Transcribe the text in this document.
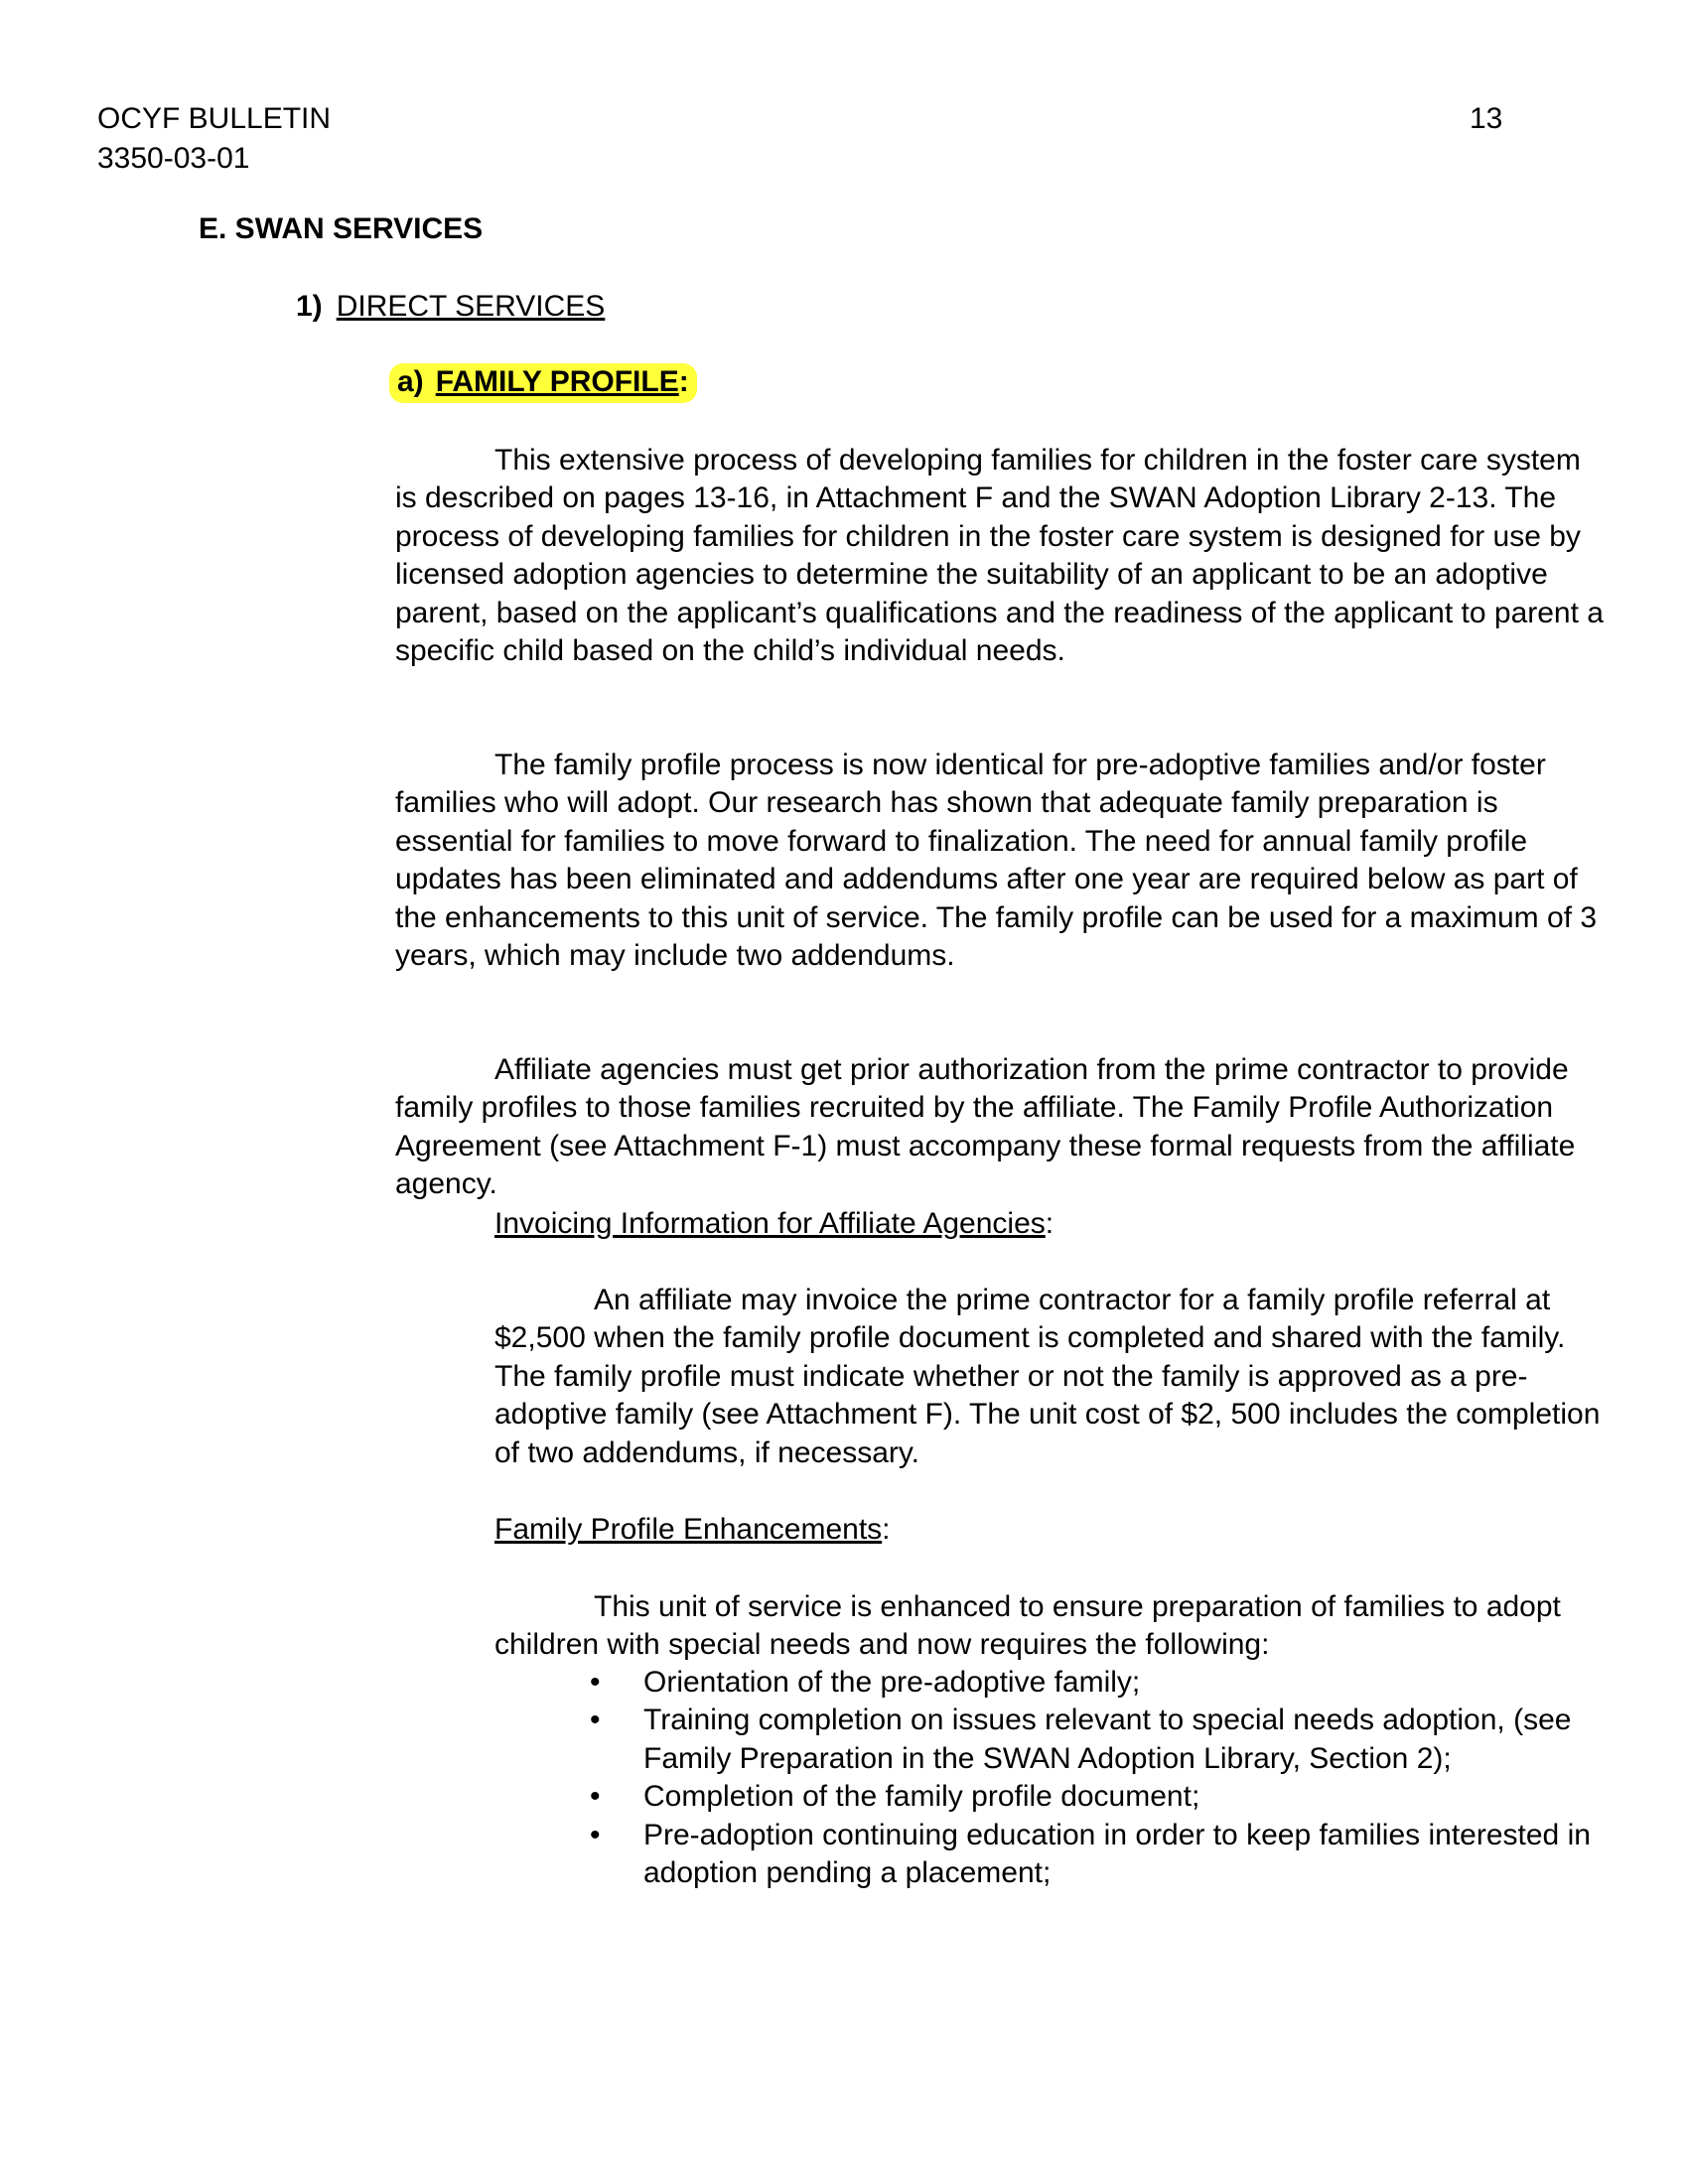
OCYF BULLETIN
3350-03-01
13
E. SWAN SERVICES
1) DIRECT SERVICES
a) FAMILY PROFILE:

This extensive process of developing families for children in the foster care system is described on pages 13-16, in Attachment F and the SWAN Adoption Library 2-13. The process of developing families for children in the foster care system is designed for use by licensed adoption agencies to determine the suitability of an applicant to be an adoptive parent, based on the applicant’s qualifications and the readiness of the applicant to parent a specific child based on the child’s individual needs.

The family profile process is now identical for pre-adoptive families and/or foster families who will adopt. Our research has shown that adequate family preparation is essential for families to move forward to finalization. The need for annual family profile updates has been eliminated and addendums after one year are required below as part of the enhancements to this unit of service. The family profile can be used for a maximum of 3 years, which may include two addendums.

Affiliate agencies must get prior authorization from the prime contractor to provide family profiles to those families recruited by the affiliate. The Family Profile Authorization Agreement (see Attachment F-1) must accompany these formal requests from the affiliate agency.

Invoicing Information for Affiliate Agencies:

An affiliate may invoice the prime contractor for a family profile referral at $2,500 when the family profile document is completed and shared with the family. The family profile must indicate whether or not the family is approved as a pre-adoptive family (see Attachment F). The unit cost of $2, 500 includes the completion of two addendums, if necessary.

Family Profile Enhancements:

This unit of service is enhanced to ensure preparation of families to adopt children with special needs and now requires the following:

• Orientation of the pre-adoptive family;
• Training completion on issues relevant to special needs adoption, (see Family Preparation in the SWAN Adoption Library, Section 2);
• Completion of the family profile document;
• Pre-adoption continuing education in order to keep families interested in adoption pending a placement;
